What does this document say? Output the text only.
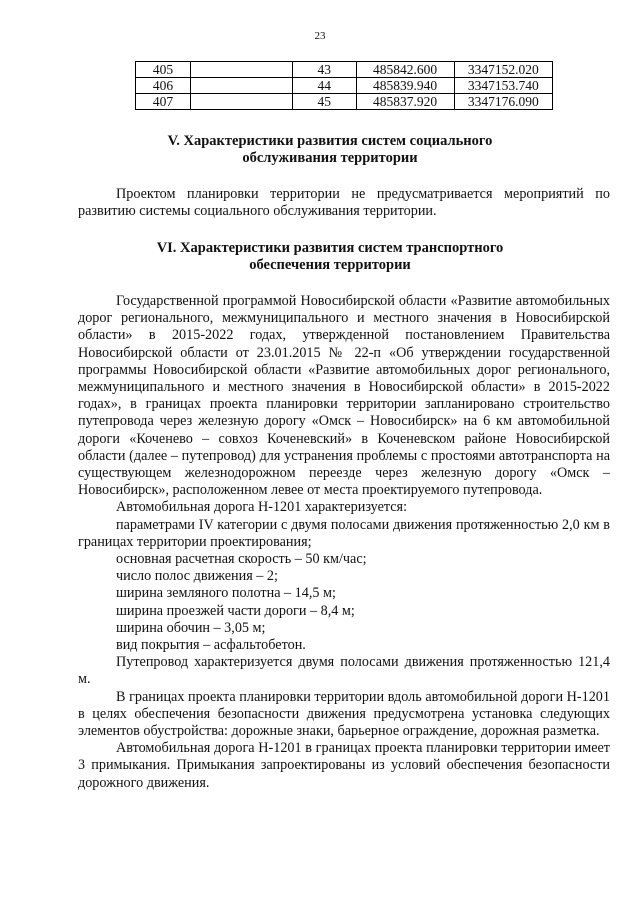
23
405		43	485842.600	3347152.020
406		44	485839.940	3347153.740
407		45	485837.920	3347176.090
V. Характеристики развития систем социального
обслуживания территории

Проектом планировки территории не предусматривается мероприятий по развитию системы социального обслуживания территории.

VI. Характеристики развития систем транспортного
обеспечения территории

Государственной программой Новосибирской области «Развитие автомобильных дорог регионального, межмуниципального и местного значения в Новосибирской области» в 2015-2022 годах, утвержденной постановлением Правительства Новосибирской области от 23.01.2015 № 22-п «Об утверждении государственной программы Новосибирской области «Развитие автомобильных дорог регионального, межмуниципального и местного значения в Новосибирской области» в 2015-2022 годах», в границах проекта планировки территории запланировано строительство путепровода через железную дорогу «Омск – Новосибирск» на 6 км автомобильной дороги «Коченево – совхоз Коченевский» в Коченевском районе Новосибирской области (далее – путепровод) для устранения проблемы с простоями автотранспорта на существующем железнодорожном переезде через железную дорогу «Омск – Новосибирск», расположенном левее от места проектируемого путепровода.

Автомобильная дорога Н-1201 характеризуется:

параметрами IV категории с двумя полосами движения протяженностью 2,0 км в границах территории проектирования;

основная расчетная скорость – 50 км/час;

число полос движения – 2;

ширина земляного полотна – 14,5 м;

ширина проезжей части дороги – 8,4 м;

ширина обочин – 3,05 м;

вид покрытия – асфальтобетон.

Путепровод характеризуется двумя полосами движения протяженностью 121,4 м.

В границах проекта планировки территории вдоль автомобильной дороги Н-1201 в целях обеспечения безопасности движения предусмотрена установка следующих элементов обустройства: дорожные знаки, барьерное ограждение, дорожная разметка.

Автомобильная дорога Н-1201 в границах проекта планировки территории имеет 3 примыкания. Примыкания запроектированы из условий обеспечения безопасности дорожного движения.
